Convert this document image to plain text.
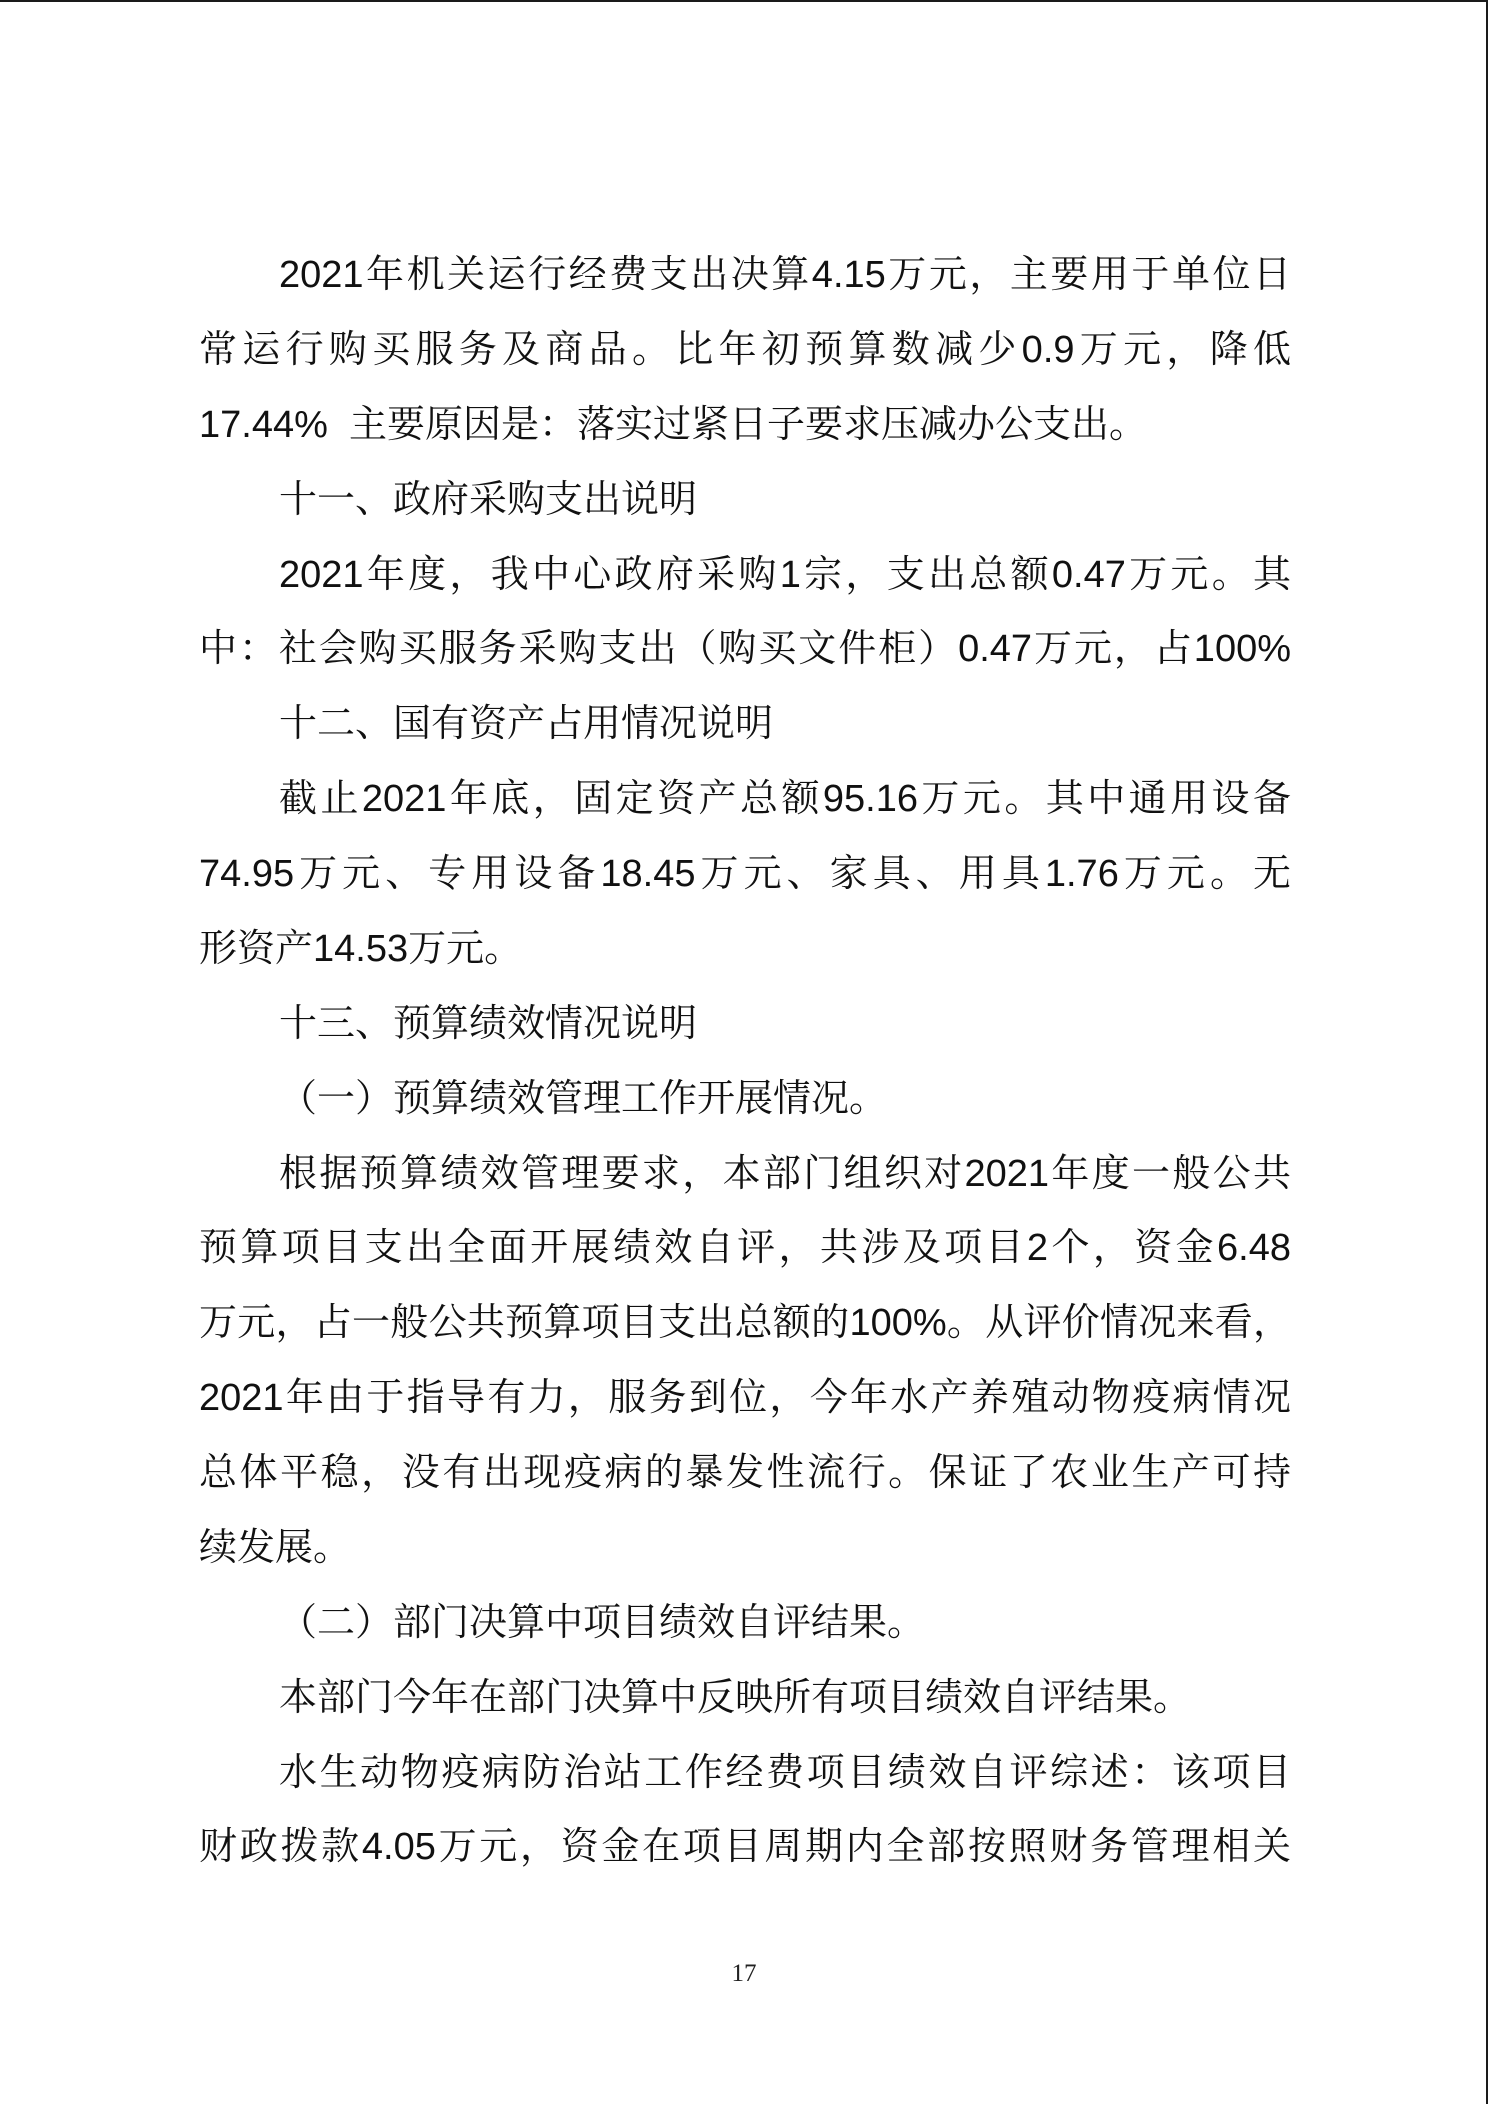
2021年机关运行经费支出决算4.15万元，主要用于单位日
常运行购买服务及商品。比年初预算数减少0.9万元，降低
17.44%  主要原因是：落实过紧日子要求压减办公支出。
十一、政府采购支出说明
2021年度，我中心政府采购1宗，支出总额0.47万元。其
中：社会购买服务采购支出（购买文件柜）0.47万元，占100%
十二、国有资产占用情况说明
截止2021年底，固定资产总额95.16万元。其中通用设备
74.95万元、专用设备18.45万元、家具、用具1.76万元。无
形资产14.53万元。
十三、预算绩效情况说明
（一）预算绩效管理工作开展情况。
根据预算绩效管理要求，本部门组织对2021年度一般公共
预算项目支出全面开展绩效自评，共涉及项目2个，资金6.48
万元，占一般公共预算项目支出总额的100%。从评价情况来看，
2021年由于指导有力，服务到位，今年水产养殖动物疫病情况
总体平稳，没有出现疫病的暴发性流行。保证了农业生产可持
续发展。
（二）部门决算中项目绩效自评结果。
本部门今年在部门决算中反映所有项目绩效自评结果。
水生动物疫病防治站工作经费项目绩效自评综述：该项目
财政拨款4.05万元，资金在项目周期内全部按照财务管理相关
17
